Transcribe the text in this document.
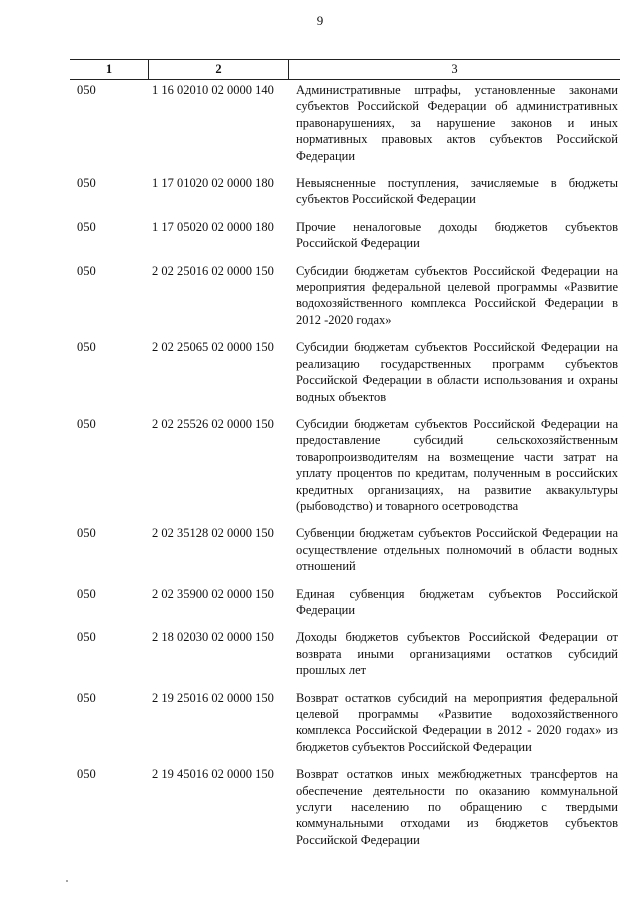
9
1	2	3
050	1 16 02010 02 0000 140	Административные штрафы, установленные законами субъектов Российской Федерации об административных правонарушениях, за нарушение законов и иных нормативных правовых актов субъектов Российской Федерации
050	1 17 01020 02 0000 180	Невыясненные поступления, зачисляемые в бюджеты субъектов Российской Федерации
050	1 17 05020 02 0000 180	Прочие неналоговые доходы бюджетов субъектов Российской Федерации
050	2 02 25016 02 0000 150	Субсидии бюджетам субъектов Российской Федерации на мероприятия федеральной целевой программы «Развитие водохозяйственного комплекса Российской Федерации в 2012 -2020 годах»
050	2 02 25065 02 0000 150	Субсидии бюджетам субъектов Российской Федерации на реализацию государственных программ субъектов Российской Федерации в области использования и охраны водных объектов
050	2 02 25526 02 0000 150	Субсидии бюджетам субъектов Российской Федерации на предоставление субсидий сельскохозяйственным товаропроизводителям на возмещение части затрат на уплату процентов по кредитам, полученным в российских кредитных организациях, на развитие аквакультуры (рыбоводство) и товарного осетроводства
050	2 02 35128 02 0000 150	Субвенции бюджетам субъектов Российской Федерации на осуществление отдельных полномочий в области водных отношений
050	2 02 35900 02 0000 150	Единая субвенция бюджетам субъектов Российской Федерации
050	2 18 02030 02 0000 150	Доходы бюджетов субъектов Российской Федерации от возврата иными организациями остатков субсидий прошлых лет
050	2 19 25016 02 0000 150	Возврат остатков субсидий на мероприятия федеральной целевой программы «Развитие водохозяйственного комплекса Российской Федерации в 2012 - 2020 годах» из бюджетов субъектов Российской Федерации
050	2 19 45016 02 0000 150	Возврат остатков иных межбюджетных трансфертов на обеспечение деятельности по оказанию коммунальной услуги населению по обращению с твердыми коммунальными отходами из бюджетов субъектов Российской Федерации
